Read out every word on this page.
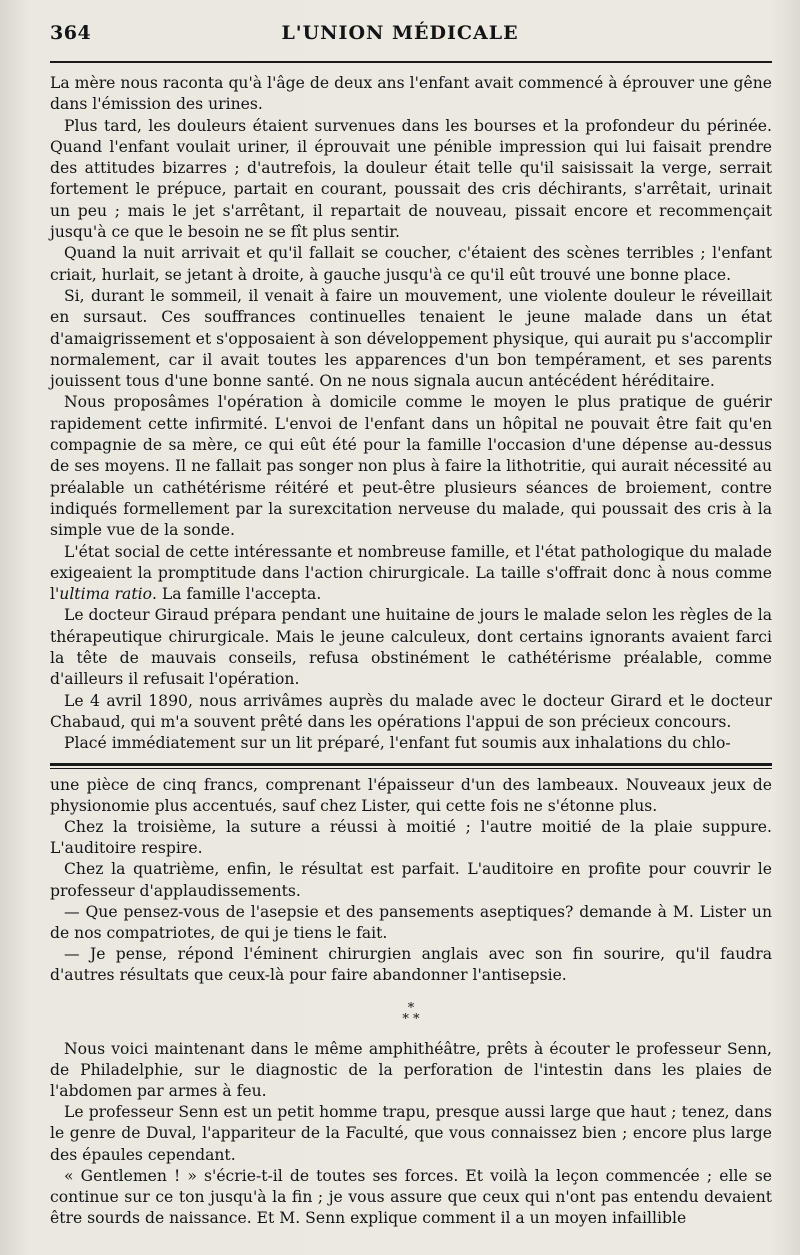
364	L'UNION MÉDICALE

La mère nous raconta qu'à l'âge de deux ans l'enfant avait commencé à éprouver une gêne dans l'émission des urines.

Plus tard, les douleurs étaient survenues dans les bourses et la profondeur du périnée. Quand l'enfant voulait uriner, il éprouvait une pénible impression qui lui faisait prendre des attitudes bizarres ; d'autrefois, la douleur était telle qu'il saisissait la verge, serrait fortement le prépuce, partait en courant, poussait des cris déchirants, s'arrêtait, urinait un peu ; mais le jet s'arrêtant, il repartait de nouveau, pissait encore et recommençait jusqu'à ce que le besoin ne se fît plus sentir.

Quand la nuit arrivait et qu'il fallait se coucher, c'étaient des scènes terribles ; l'enfant criait, hurlait, se jetant à droite, à gauche jusqu'à ce qu'il eût trouvé une bonne place.

Si, durant le sommeil, il venait à faire un mouvement, une violente douleur le réveillait en sursaut. Ces souffrances continuelles tenaient le jeune malade dans un état d'amaigrissement et s'opposaient à son développement physique, qui aurait pu s'accomplir normalement, car il avait toutes les apparences d'un bon tempérament, et ses parents jouissent tous d'une bonne santé. On ne nous signala aucun antécédent héréditaire.

Nous proposâmes l'opération à domicile comme le moyen le plus pratique de guérir rapidement cette infirmité. L'envoi de l'enfant dans un hôpital ne pouvait être fait qu'en compagnie de sa mère, ce qui eût été pour la famille l'occasion d'une dépense au-dessus de ses moyens. Il ne fallait pas songer non plus à faire la lithotritie, qui aurait nécessité au préalable un cathétérisme réitéré et peut-être plusieurs séances de broiement, contre indiqués formellement par la surexcitation nerveuse du malade, qui poussait des cris à la simple vue de la sonde.

L'état social de cette intéressante et nombreuse famille, et l'état pathologique du malade exigeaient la promptitude dans l'action chirurgicale. La taille s'offrait donc à nous comme l'ultima ratio. La famille l'accepta.

Le docteur Giraud prépara pendant une huitaine de jours le malade selon les règles de la thérapeutique chirurgicale. Mais le jeune calculeux, dont certains ignorants avaient farci la tête de mauvais conseils, refusa obstinément le cathétérisme préalable, comme d'ailleurs il refusait l'opération.

Le 4 avril 1890, nous arrivâmes auprès du malade avec le docteur Girard et le docteur Chabaud, qui m'a souvent prêté dans les opérations l'appui de son précieux concours.

Placé immédiatement sur un lit préparé, l'enfant fut soumis aux inhalations du chlo-

une pièce de cinq francs, comprenant l'épaisseur d'un des lambeaux. Nouveaux jeux de physionomie plus accentués, sauf chez Lister, qui cette fois ne s'étonne plus.

Chez la troisième, la suture a réussi à moitié ; l'autre moitié de la plaie suppure. L'auditoire respire.

Chez la quatrième, enfin, le résultat est parfait. L'auditoire en profite pour couvrir le professeur d'applaudissements.

— Que pensez-vous de l'asepsie et des pansements aseptiques? demande à M. Lister un de nos compatriotes, de qui je tiens le fait.

— Je pense, répond l'éminent chirurgien anglais avec son fin sourire, qu'il faudra d'autres résultats que ceux-là pour faire abandonner l'antisepsie.

*
* *

Nous voici maintenant dans le même amphithéâtre, prêts à écouter le professeur Senn, de Philadelphie, sur le diagnostic de la perforation de l'intestin dans les plaies de l'abdomen par armes à feu.

Le professeur Senn est un petit homme trapu, presque aussi large que haut ; tenez, dans le genre de Duval, l'appariteur de la Faculté, que vous connaissez bien ; encore plus large des épaules cependant.

« Gentlemen ! » s'écrie-t-il de toutes ses forces. Et voilà la leçon commencée ; elle se continue sur ce ton jusqu'à la fin ; je vous assure que ceux qui n'ont pas entendu devaient être sourds de naissance. Et M. Senn explique comment il a un moyen infaillible
